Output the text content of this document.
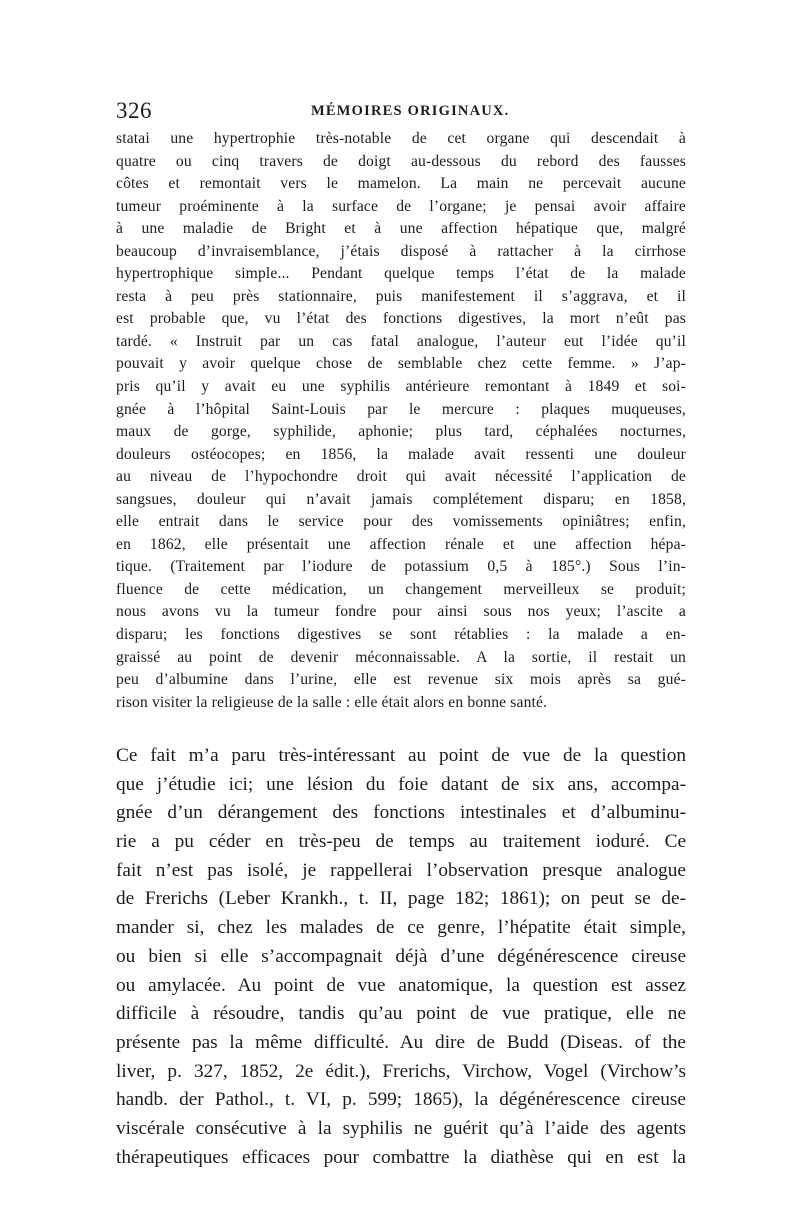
326	MÉMOIRES ORIGINAUX.
statai une hypertrophie très-notable de cet organe qui descendait à
quatre ou cinq travers de doigt au-dessous du rebord des fausses
côtes et remontait vers le mamelon. La main ne percevait aucune
tumeur proéminente à la surface de l’organe; je pensai avoir affaire
à une maladie de Bright et à une affection hépatique que, malgré
beaucoup d’invraisemblance, j’étais disposé à rattacher à la cirrhose
hypertrophique simple... Pendant quelque temps l’état de la malade
resta à peu près stationnaire, puis manifestement il s’aggrava, et il
est probable que, vu l’état des fonctions digestives, la mort n’eût pas
tardé. « Instruit par un cas fatal analogue, l’auteur eut l’idée qu’il
pouvait y avoir quelque chose de semblable chez cette femme. » J’ap-
pris qu’il y avait eu une syphilis antérieure remontant à 1849 et soi-
gnée à l’hôpital Saint-Louis par le mercure : plaques muqueuses,
maux de gorge, syphilide, aphonie; plus tard, céphalées nocturnes,
douleurs ostéocopes; en 1856, la malade avait ressenti une douleur
au niveau de l’hypochondre droit qui avait nécessité l’application de
sangsues, douleur qui n’avait jamais complétement disparu; en 1858,
elle entrait dans le service pour des vomissements opiniâtres; enfin,
en 1862, elle présentait une affection rénale et une affection hépa-
tique. (Traitement par l’iodure de potassium 0,5 à 185°.) Sous l’in-
fluence de cette médication, un changement merveilleux se produit;
nous avons vu la tumeur fondre pour ainsi sous nos yeux; l’ascite a
disparu; les fonctions digestives se sont rétablies : la malade a en-
graissé au point de devenir méconnaissable. A la sortie, il restait un
peu d’albumine dans l’urine, elle est revenue six mois après sa gué-
rison visiter la religieuse de la salle : elle était alors en bonne santé.
Ce fait m’a paru très-intéressant au point de vue de la question
que j’étudie ici; une lésion du foie datant de six ans, accompa-
gnée d’un dérangement des fonctions intestinales et d’albuminu-
rie a pu céder en très-peu de temps au traitement ioduré. Ce
fait n’est pas isolé, je rappellerai l’observation presque analogue
de Frerichs (Leber Krankh., t. II, page 182; 1861); on peut se de-
mander si, chez les malades de ce genre, l’hépatite était simple,
ou bien si elle s’accompagnait déjà d’une dégénérescence cireuse
ou amylacée. Au point de vue anatomique, la question est assez
difficile à résoudre, tandis qu’au point de vue pratique, elle ne
présente pas la même difficulté. Au dire de Budd (Diseas. of the
liver, p. 327, 1852, 2e édit.), Frerichs, Virchow, Vogel (Virchow’s
handb. der Pathol., t. VI, p. 599; 1865), la dégénérescence cireuse
viscérale consécutive à la syphilis ne guérit qu’à l’aide des agents
thérapeutiques efficaces pour combattre la diathèse qui en est la
